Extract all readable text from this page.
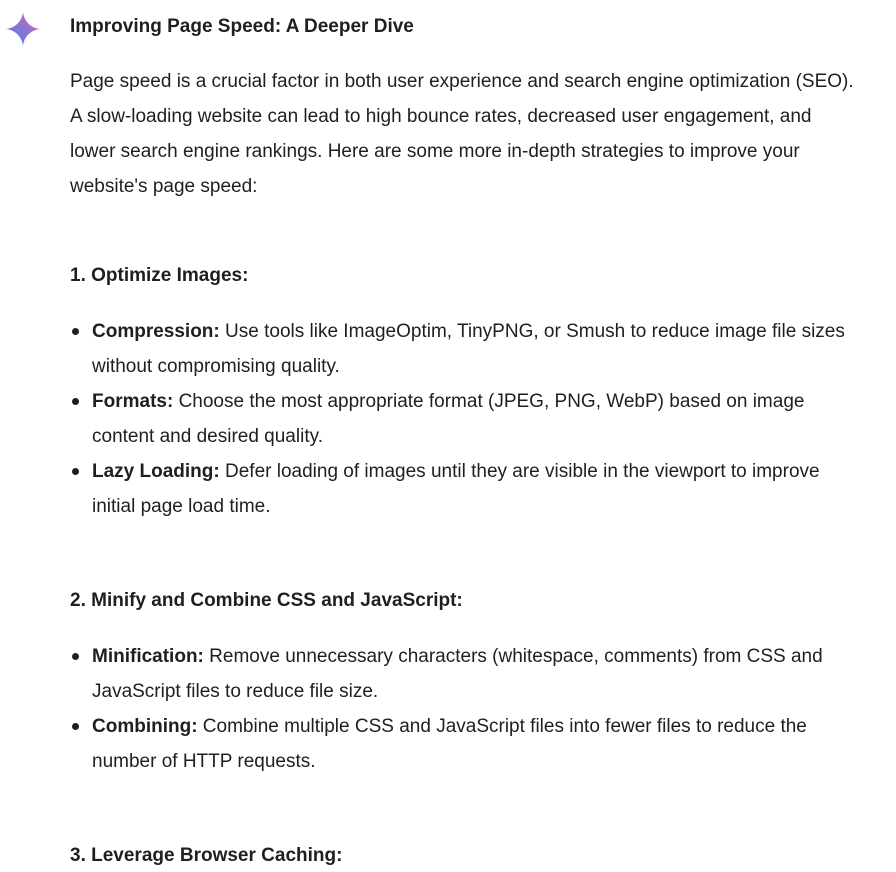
Improving Page Speed: A Deeper Dive

Page speed is a crucial factor in both user experience and search engine optimization (SEO). A slow-loading website can lead to high bounce rates, decreased user engagement, and lower search engine rankings. Here are some more in-depth strategies to improve your website's page speed:

1. Optimize Images:
Compression: Use tools like ImageOptim, TinyPNG, or Smush to reduce image file sizes without compromising quality.
Formats: Choose the most appropriate format (JPEG, PNG, WebP) based on image content and desired quality.
Lazy Loading: Defer loading of images until they are visible in the viewport to improve initial page load time.
2. Minify and Combine CSS and JavaScript:
Minification: Remove unnecessary characters (whitespace, comments) from CSS and JavaScript files to reduce file size.
Combining: Combine multiple CSS and JavaScript files into fewer files to reduce the number of HTTP requests.
3. Leverage Browser Caching:
